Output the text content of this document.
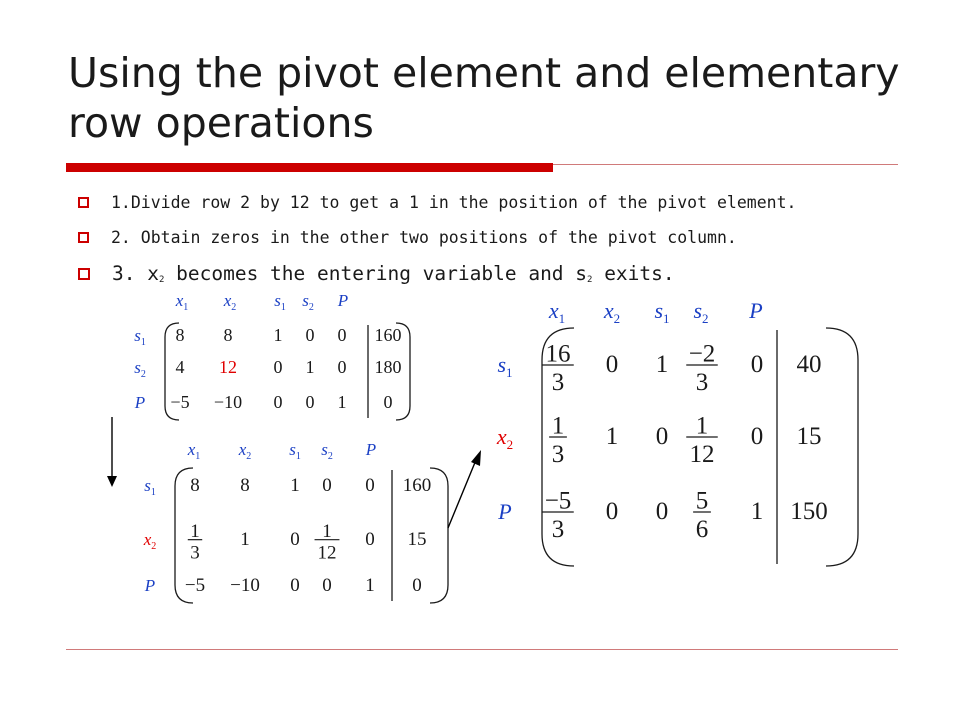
Using the pivot element and elementary row operations
1.Divide row 2 by 12 to get a 1 in the position of the pivot element.
2. Obtain zeros in the other two positions of the pivot column.
3. $x_2$ becomes the entering variable and $s_2$ exits.
$x_1$ $x_2$ $s_1$ $s_2$ P
$s_1$
$s_2$
P
8 8 1 0 0 160
4 12 0 1 0 180
−5 −10 0 0 1 0
$x_1$ $x_2$ $s_1$ $s_2$ P
$s_1$
$x_2$
P
8 8 1 0 0 160
1
3
1 0 1
12
0 15
−5 −10 0 0 1 0
$x_1$ $x_2$ $s_1$ $s_2$ P
$s_1$
$x_2$
P
16
3
0 1 −2
3
0 40
1
3
1 0 1
12
0 15
−5
3
0 0 5
6
1 150
